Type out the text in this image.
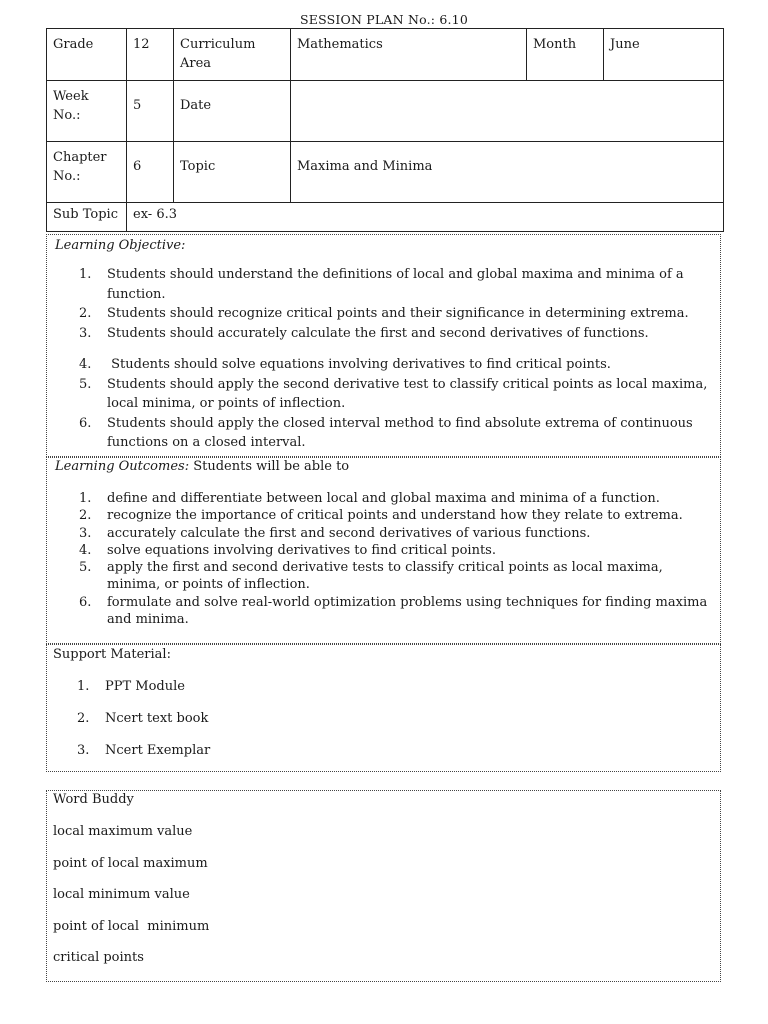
SESSION PLAN No.: 6.10
Grade	12	Curriculum Area	Mathematics	Month	June
Week No.:	5	Date			
Chapter No.:	6	Topic	Maxima and Minima		
Sub Topic	ex- 6.3				
Learning Objective:
1. Students should understand the definitions of local and global maxima and minima of a function.
2. Students should recognize critical points and their significance in determining extrema.
3. Students should accurately calculate the first and second derivatives of functions.
4. Students should solve equations involving derivatives to find critical points.
5. Students should apply the second derivative test to classify critical points as local maxima, local minima, or points of inflection.
6. Students should apply the closed interval method to find absolute extrema of continuous functions on a closed interval.
Learning Outcomes: Students will be able to
1. define and differentiate between local and global maxima and minima of a function.
2. recognize the importance of critical points and understand how they relate to extrema.
3. accurately calculate the first and second derivatives of various functions.
4. solve equations involving derivatives to find critical points.
5. apply the first and second derivative tests to classify critical points as local maxima, minima, or points of inflection.
6. formulate and solve real-world optimization problems using techniques for finding maxima and minima.
Support Material:
1. PPT Module
2. Ncert text book
3. Ncert Exemplar
Word Buddy
local maximum value
point of local maximum
local minimum value
point of local  minimum
critical points
